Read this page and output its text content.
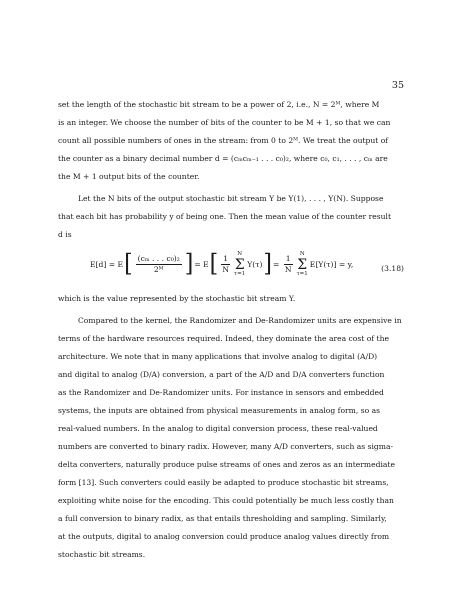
35

set the length of the stochastic bit stream to be a power of 2, i.e., N = 2ᴹ, where M
is an integer. We choose the number of bits of the counter to be M + 1, so that we can
count all possible numbers of ones in the stream: from 0 to 2ᴹ. We treat the output of
the counter as a binary decimal number d = (cₘcₘ₋₁ . . . c₀)₂, where c₀, c₁, . . . , cₘ are
the M + 1 output bits of the counter.

Let the N bits of the output stochastic bit stream Y be Y(1), . . . , Y(N). Suppose
that each bit has probability y of being one. Then the mean value of the counter result
d is

E[d] = E [ $\frac{\text{(cₘ . . . c₀)₂}}{\text{2ᴹ}}$ ] = E [ $\frac{1}{N}$
N
Σ
τ=1
Y(τ) ] =
$\frac{1}{N}$
N
Σ
τ=1
E[Y(τ)] = y,	(3.18)

which is the value represented by the stochastic bit stream Y.

Compared to the kernel, the Randomizer and De-Randomizer units are expensive in
terms of the hardware resources required. Indeed, they dominate the area cost of the
architecture. We note that in many applications that involve analog to digital (A/D)
and digital to analog (D/A) conversion, a part of the A/D and D/A converters function
as the Randomizer and De-Randomizer units. For instance in sensors and embedded
systems, the inputs are obtained from physical measurements in analog form, so as
real-valued numbers. In the analog to digital conversion process, these real-valued
numbers are converted to binary radix. However, many A/D converters, such as sigma-
delta converters, naturally produce pulse streams of ones and zeros as an intermediate
form [13]. Such converters could easily be adapted to produce stochastic bit streams,
exploiting white noise for the encoding. This could potentially be much less costly than
a full conversion to binary radix, as that entails thresholding and sampling. Similarly,
at the outputs, digital to analog conversion could produce analog values directly from
stochastic bit streams.
